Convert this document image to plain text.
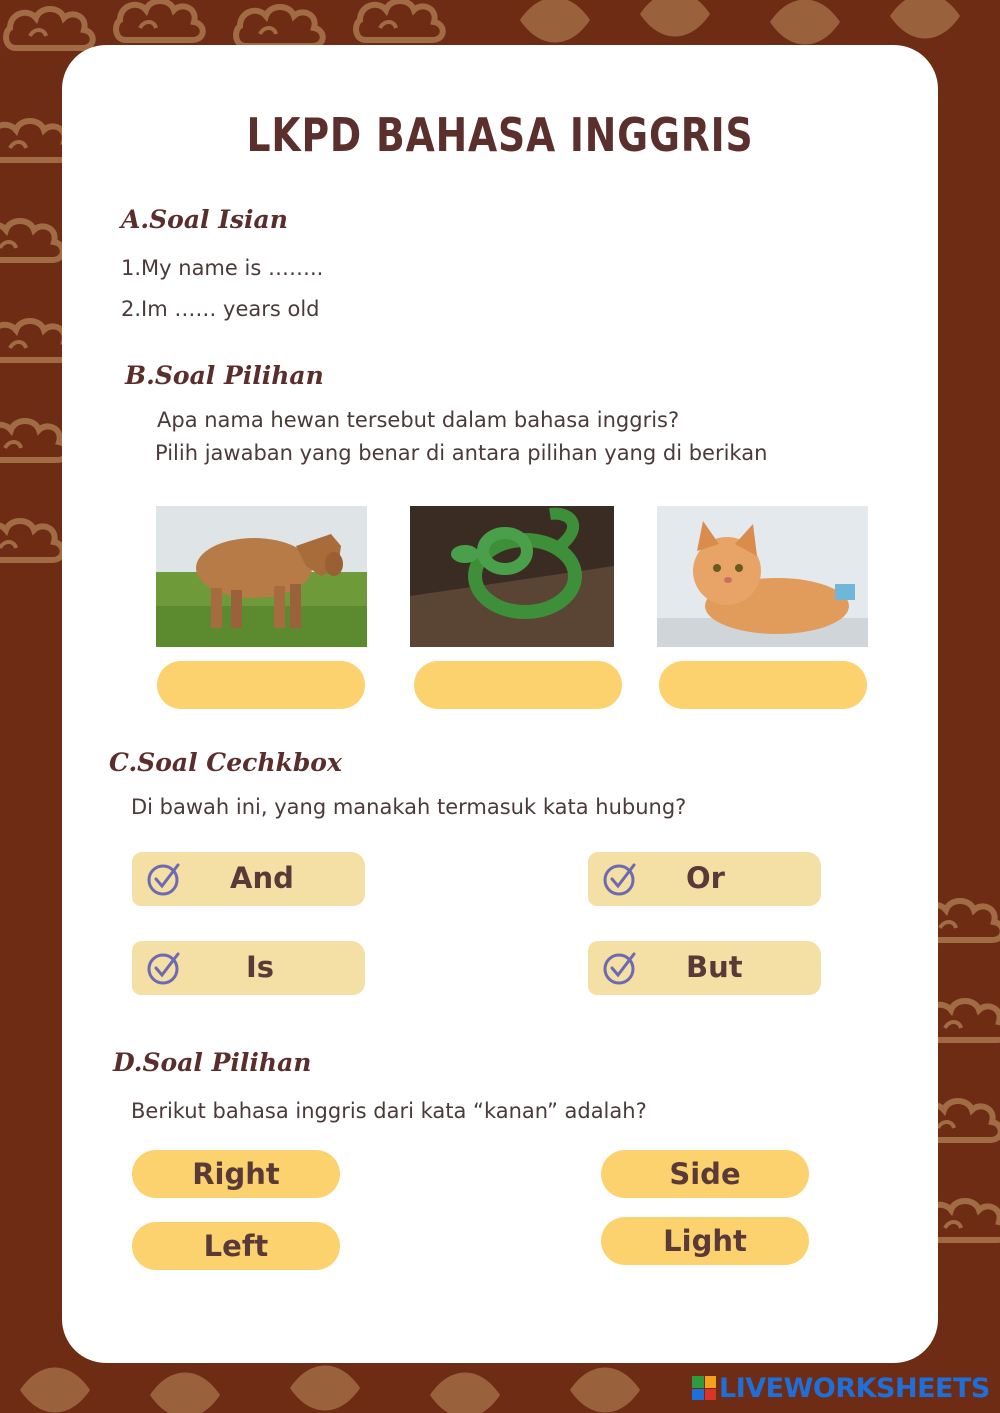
LKPD BAHASA INGGRIS
A.Soal Isian
1.My name is ……..
2.Im …… years old
B.Soal Pilihan
Apa nama hewan tersebut dalam bahasa inggris?
Pilih jawaban yang benar di antara pilihan yang di berikan
C.Soal Cechkbox
Di bawah ini, yang manakah termasuk kata hubung?
And	Or
Is	But
D.Soal Pilihan
Berikut bahasa inggris dari kata “kanan” adalah?
Right	Side
Left	Light
LIVEWORKSHEETS
